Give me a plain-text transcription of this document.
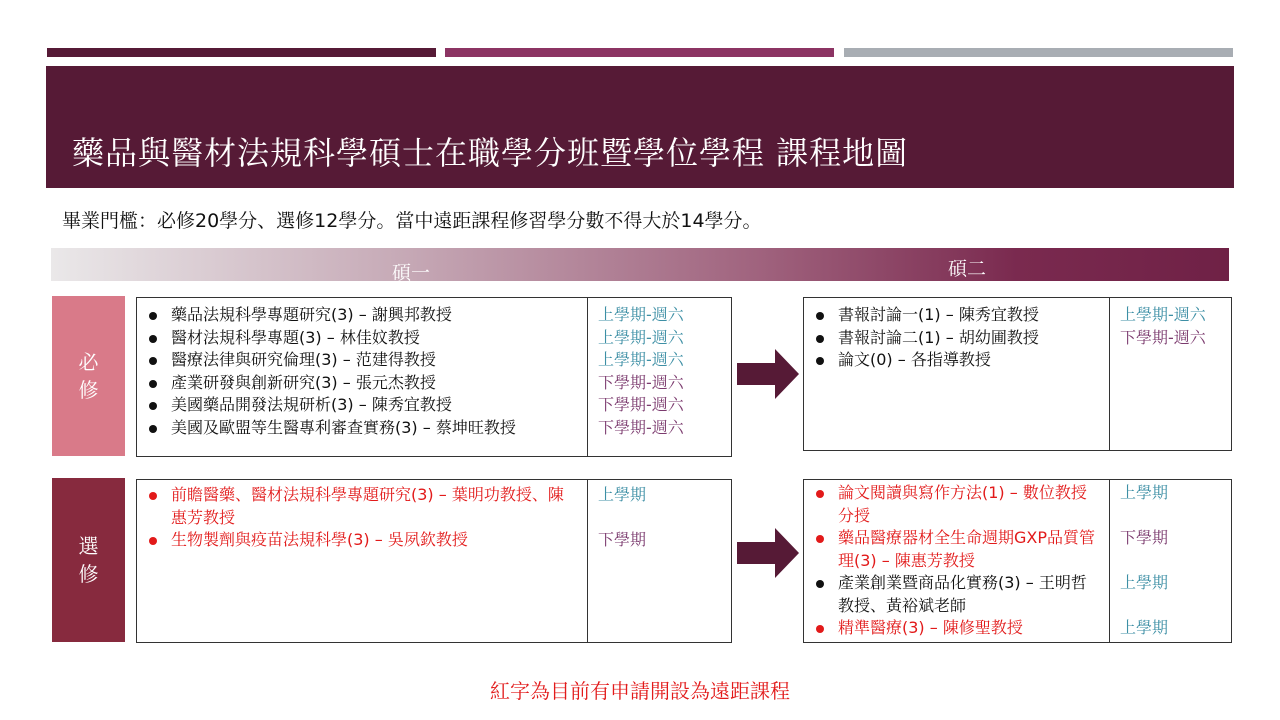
藥品與醫材法規科學碩士在職學分班暨學位學程 課程地圖
畢業門檻：必修20學分、選修12學分。當中遠距課程修習學分數不得大於14學分。
碩一	碩二
必修
選修
藥品法規科學專題研究(3) – 謝興邦教授
醫材法規科學專題(3) – 林佳妏教授
醫療法律與研究倫理(3) – 范建得教授
產業研發與創新研究(3) – 張元杰教授
美國藥品開發法規研析(3) – 陳秀宜教授
美國及歐盟等生醫專利審查實務(3) – 蔡坤旺教授
上學期-週六
上學期-週六
上學期-週六
下學期-週六
下學期-週六
下學期-週六
書報討論一(1) – 陳秀宜教授
書報討論二(1) – 胡幼圃教授
論文(0) – 各指導教授
上學期-週六
下學期-週六
前瞻醫藥、醫材法規科學專題研究(3) – 葉明功教授、陳惠芳教授
生物製劑與疫苗法規科學(3) – 吳夙欽教授
上學期
下學期
論文閱讀與寫作方法(1) – 數位教授分授
藥品醫療器材全生命週期GXP品質管理(3) – 陳惠芳教授
產業創業暨商品化實務(3) – 王明哲教授、黃裕斌老師
精準醫療(3) – 陳修聖教授
上學期
下學期
上學期
上學期
紅字為目前有申請開設為遠距課程
